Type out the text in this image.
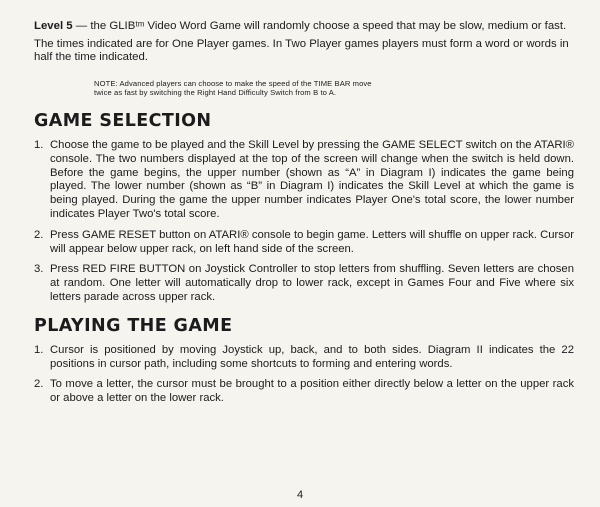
Level 5 — the GLIBᵗᵐ Video Word Game will randomly choose a speed that may be slow, medium or fast.

The times indicated are for One Player games. In Two Player games players must form a word or words in half the time indicated.

NOTE: Advanced players can choose to make the speed of the TIME BAR move
twice as fast by switching the Right Hand Difficulty Switch from B to A.
GAME SELECTION
1. Choose the game to be played and the Skill Level by pressing the GAME SELECT switch on the ATARI® console. The two numbers displayed at the top of the screen will change when the switch is held down. Before the game begins, the upper number (shown as “A” in Diagram I) indicates the game being played. The lower number (shown as “B” in Diagram I) indicates the Skill Level at which the game is being played. During the game the upper number indicates Player One's total score, the lower number indicates Player Two's total score.
2. Press GAME RESET button on ATARI® console to begin game. Letters will shuffle on upper rack. Cursor will appear below upper rack, on left hand side of the screen.
3. Press RED FIRE BUTTON on Joystick Controller to stop letters from shuffling. Seven letters are chosen at random. One letter will automatically drop to lower rack, except in Games Four and Five where six letters parade across upper rack.
PLAYING THE GAME
1. Cursor is positioned by moving Joystick up, back, and to both sides. Diagram II indicates the 22 positions in cursor path, including some shortcuts to forming and entering words.
2. To move a letter, the cursor must be brought to a position either directly below a letter on the upper rack or above a letter on the lower rack.
4
